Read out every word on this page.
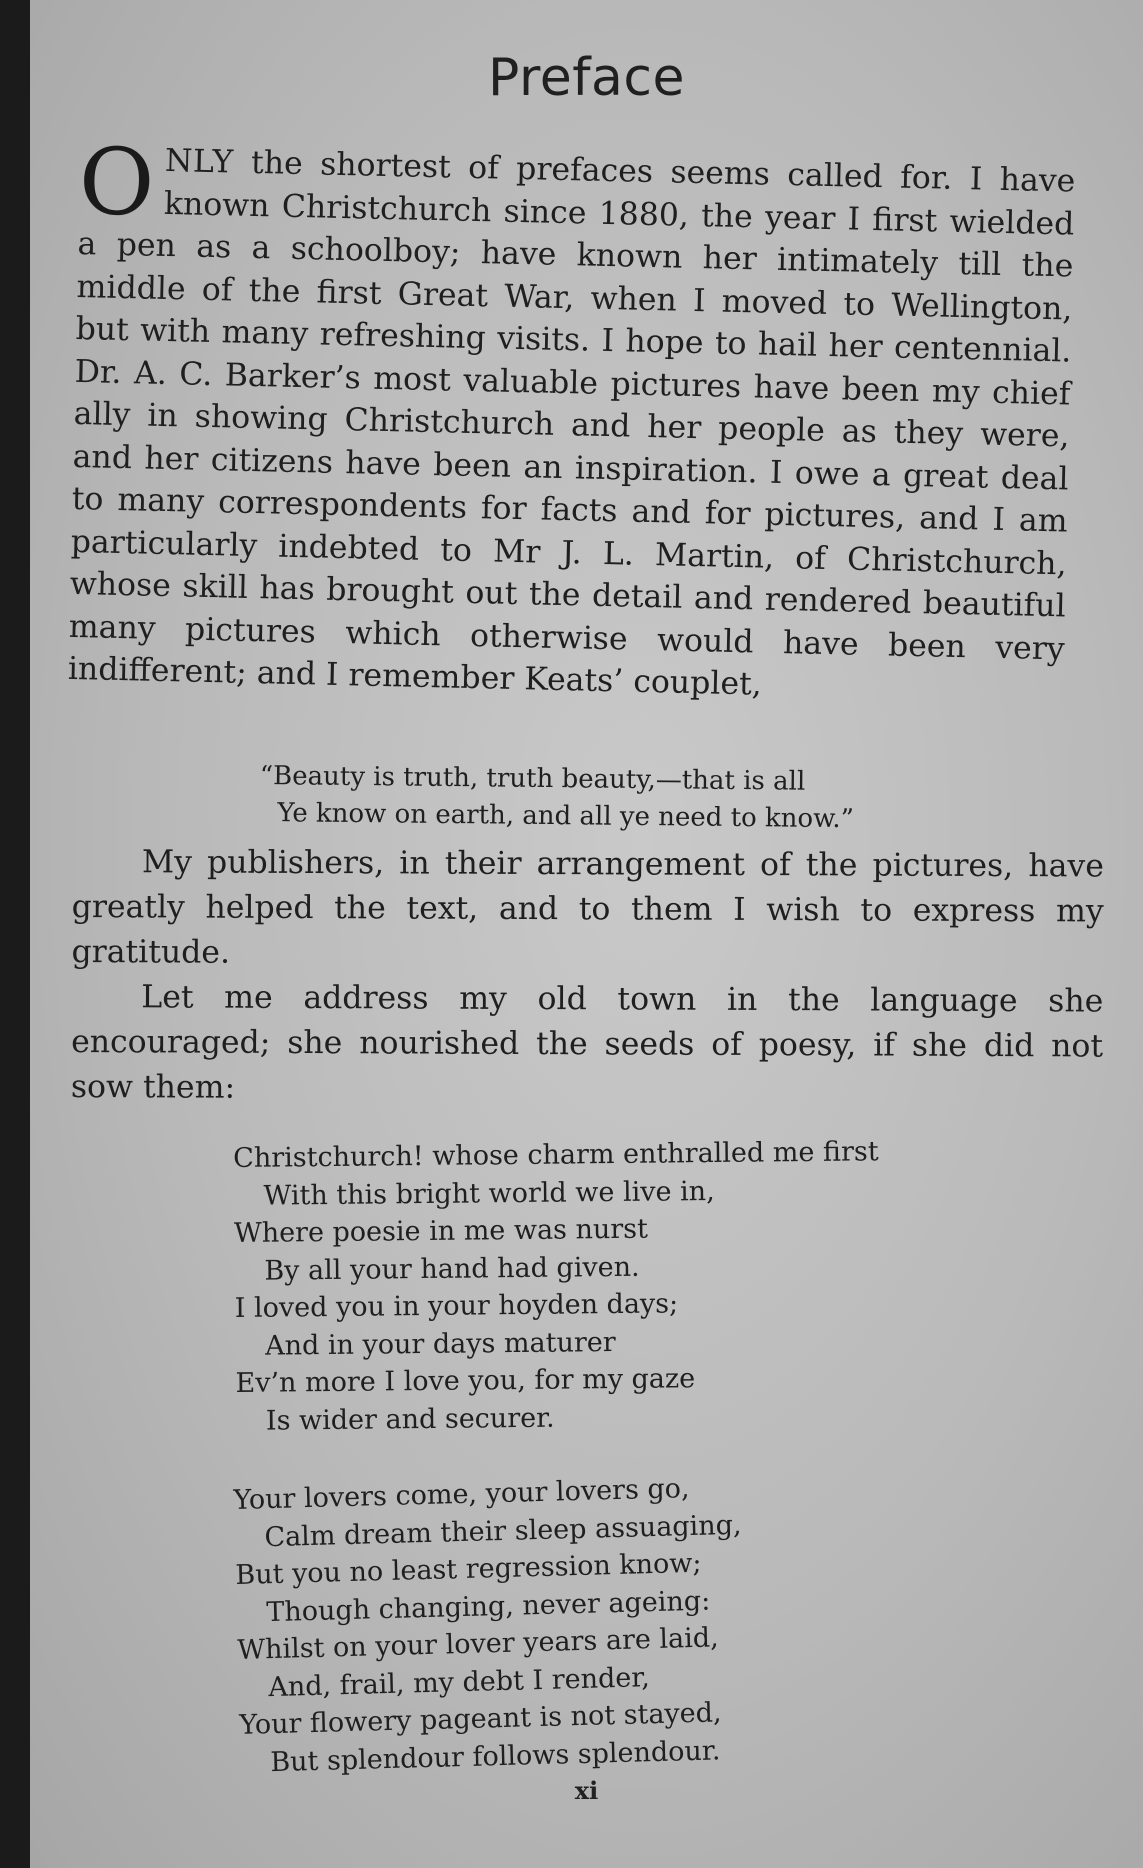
Preface

ONLY the shortest of prefaces seems called for. I have known Christchurch since 1880, the year I first wielded a pen as a schoolboy; have known her intimately till the middle of the first Great War, when I moved to Wellington, but with many refreshing visits. I hope to hail her centennial. Dr. A. C. Barker’s most valuable pictures have been my chief ally in showing Christchurch and her people as they were, and her citizens have been an inspiration. I owe a great deal to many correspondents for facts and for pictures, and I am particularly indebted to Mr J. L. Martin, of Christchurch, whose skill has brought out the detail and rendered beautiful many pictures which otherwise would have been very indifferent; and I remember Keats’ couplet,

“Beauty is truth, truth beauty,—that is all
Ye know on earth, and all ye need to know.”

My publishers, in their arrangement of the pictures, have greatly helped the text, and to them I wish to express my gratitude.

Let me address my old town in the language she encouraged; she nourished the seeds of poesy, if she did not sow them:

Christchurch! whose charm enthralled me first
With this bright world we live in,
Where poesie in me was nurst
By all your hand had given.
I loved you in your hoyden days;
And in your days maturer
Ev’n more I love you, for my gaze
Is wider and securer.
Your lovers come, your lovers go,
Calm dream their sleep assuaging,
But you no least regression know;
Though changing, never ageing:
Whilst on your lover years are laid,
And, frail, my debt I render,
Your flowery pageant is not stayed,
But splendour follows splendour.
xi
